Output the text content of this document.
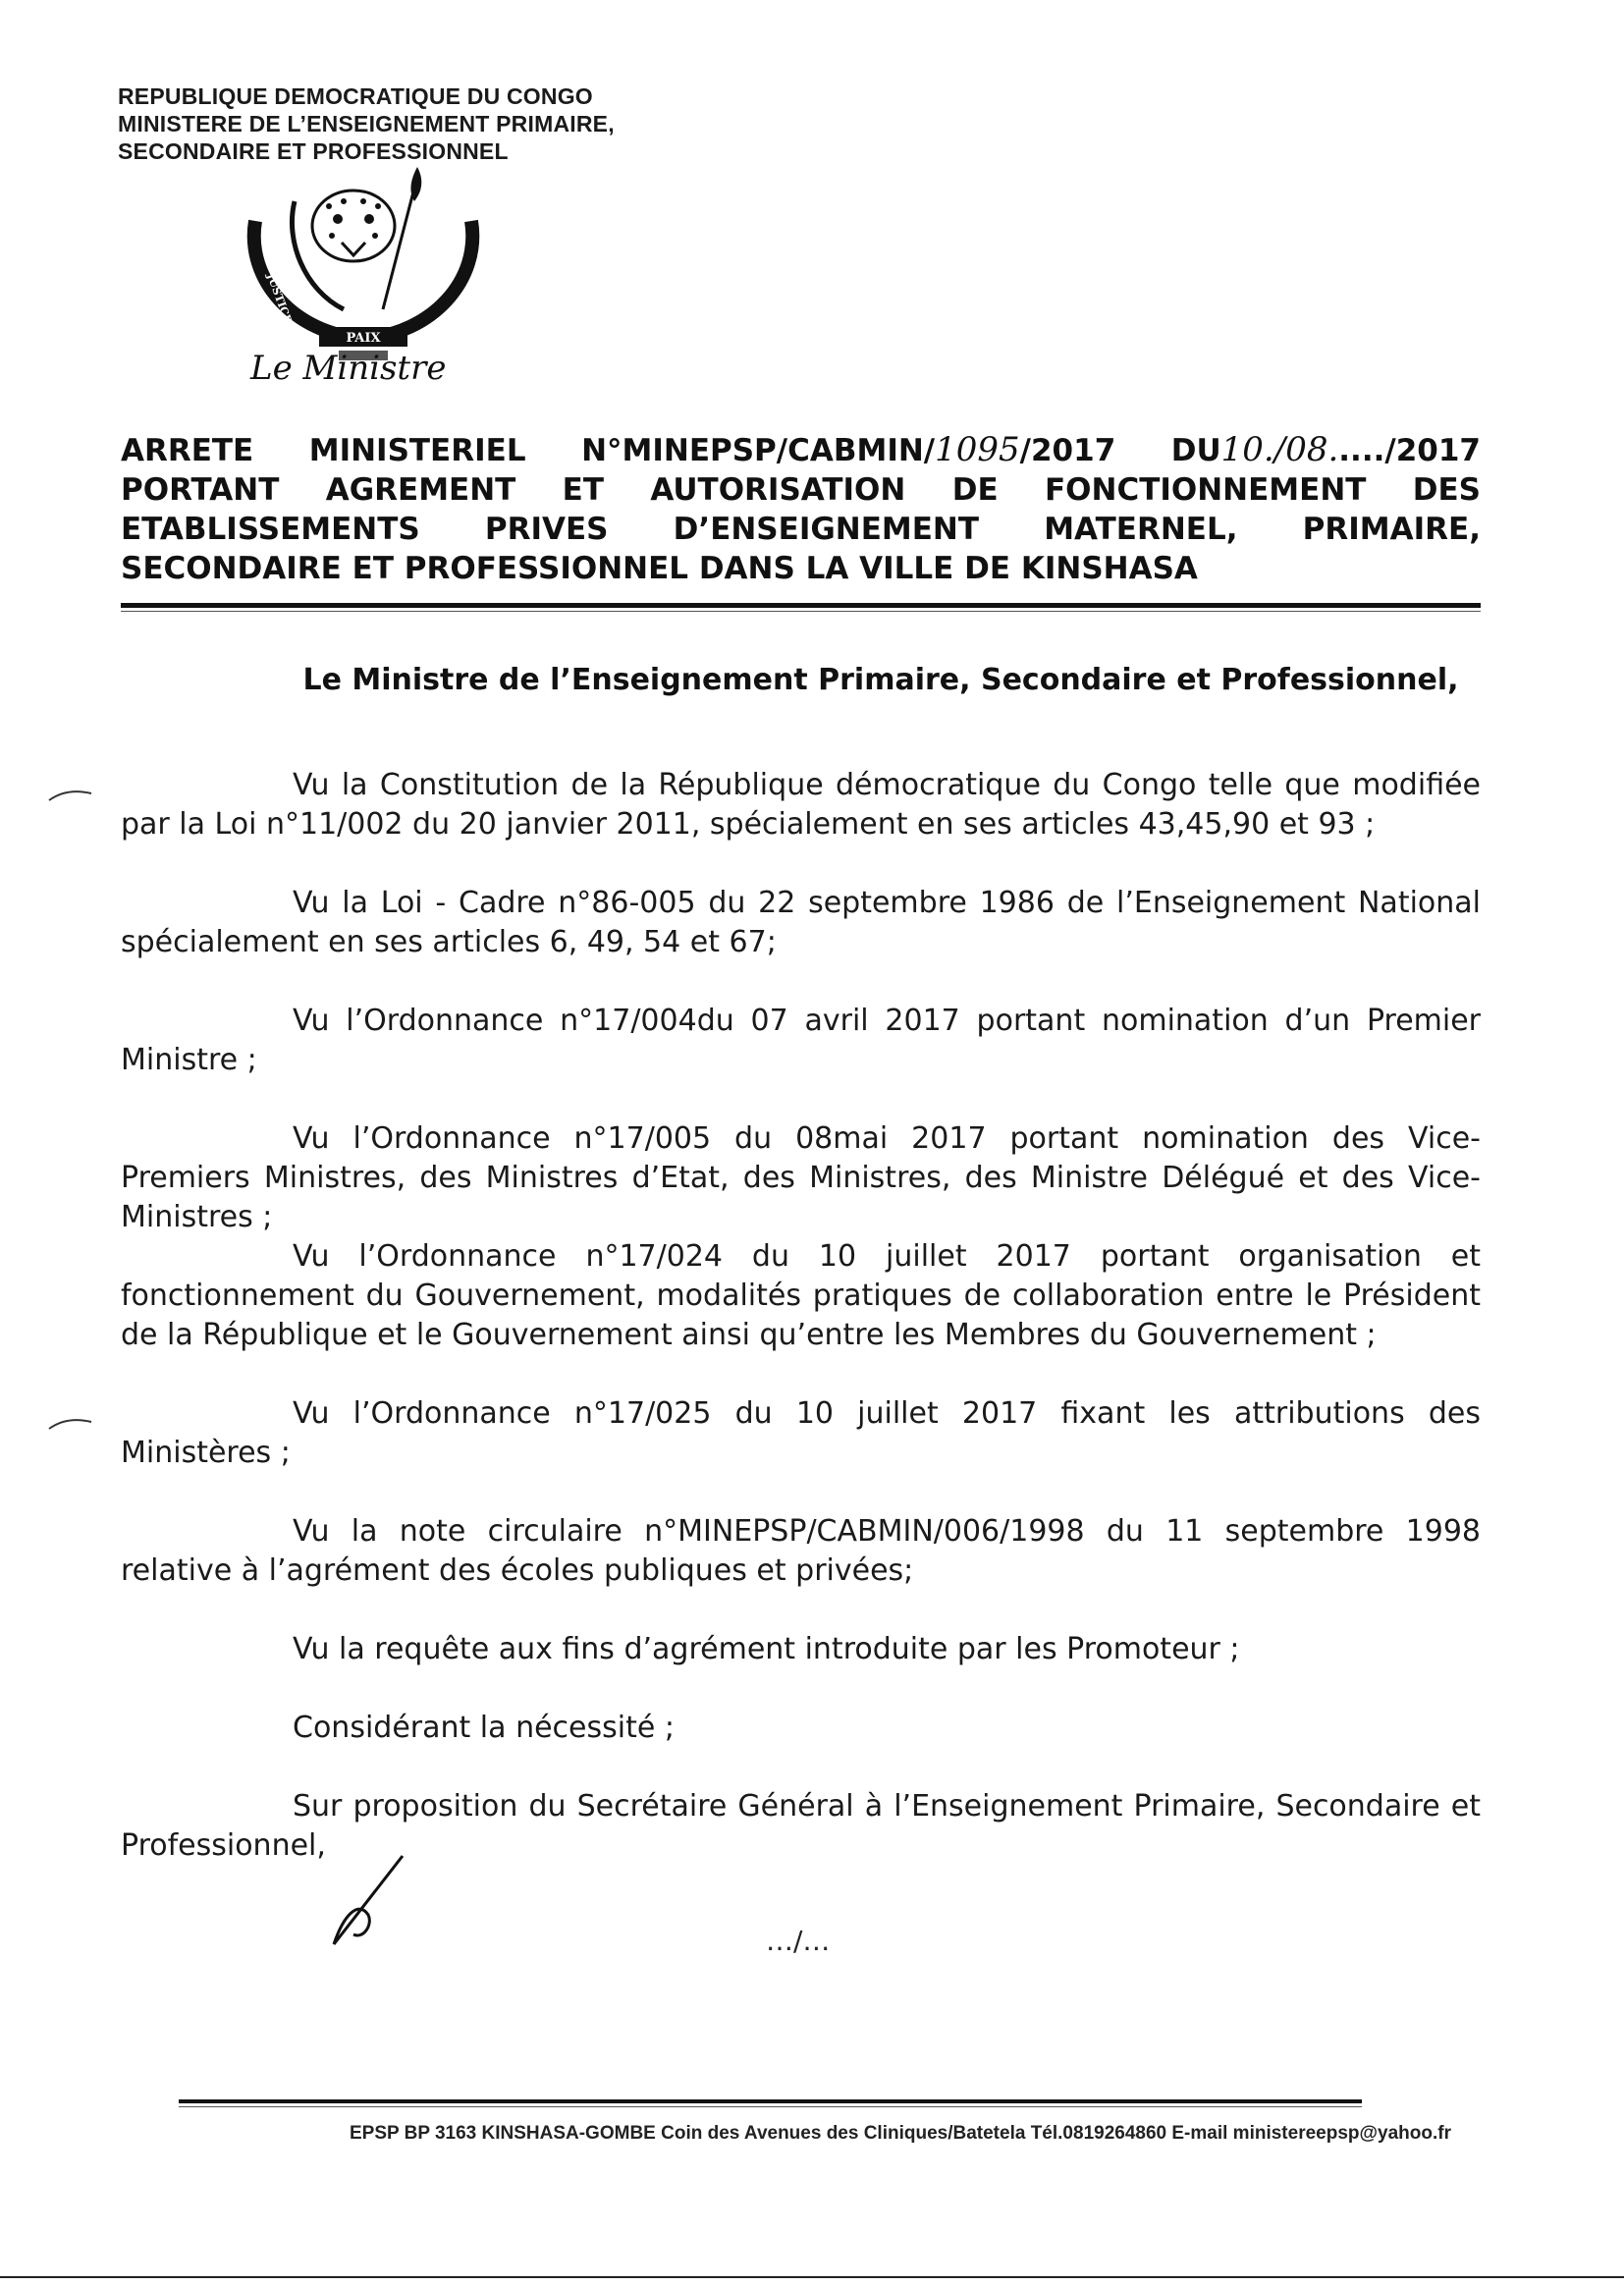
REPUBLIQUE DEMOCRATIQUE DU CONGO
MINISTERE DE L’ENSEIGNEMENT PRIMAIRE,
SECONDAIRE ET PROFESSIONNEL
PAIX
JUSTICE
TRAVAIL
Le Ministre
ARRETE MINISTERIEL N°MINEPSP/CABMIN/1095/2017 DU10./08...../2017
PORTANT AGREMENT ET AUTORISATION DE FONCTIONNEMENT DES
ETABLISSEMENTS PRIVES D’ENSEIGNEMENT MATERNEL, PRIMAIRE,
SECONDAIRE ET PROFESSIONNEL DANS LA VILLE DE KINSHASA
Le Ministre de l’Enseignement Primaire, Secondaire et Professionnel,
Vu la Constitution de la République démocratique du Congo telle que modifiée par la Loi n°11/002 du 20 janvier 2011, spécialement en ses articles 43,45,90 et 93 ;
Vu la Loi - Cadre n°86-005 du 22 septembre 1986 de l’Enseignement National spécialement en ses articles 6, 49, 54 et 67;
Vu l’Ordonnance n°17/004du 07 avril 2017 portant nomination d’un Premier Ministre ;
Vu l’Ordonnance n°17/005 du 08mai 2017 portant nomination des Vice-Premiers Ministres, des Ministres d’Etat, des Ministres, des Ministre Délégué et des Vice-Ministres ;
Vu l’Ordonnance n°17/024 du 10 juillet 2017 portant organisation et fonctionnement du Gouvernement, modalités pratiques de collaboration entre le Président de la République et le Gouvernement ainsi qu’entre les Membres du Gouvernement ;
Vu l’Ordonnance n°17/025 du 10 juillet 2017 fixant les attributions des Ministères ;
Vu la note circulaire n°MINEPSP/CABMIN/006/1998 du 11 septembre 1998 relative à l’agrément des écoles publiques et privées;
Vu la requête aux fins d’agrément introduite par les Promoteur ;
Considérant la nécessité ;
Sur proposition du Secrétaire Général à l’Enseignement Primaire, Secondaire et Professionnel,
…/…
EPSP BP 3163 KINSHASA-GOMBE Coin des Avenues des Cliniques/Batetela Tél.0819264860 E-mail ministereepsp@yahoo.fr
